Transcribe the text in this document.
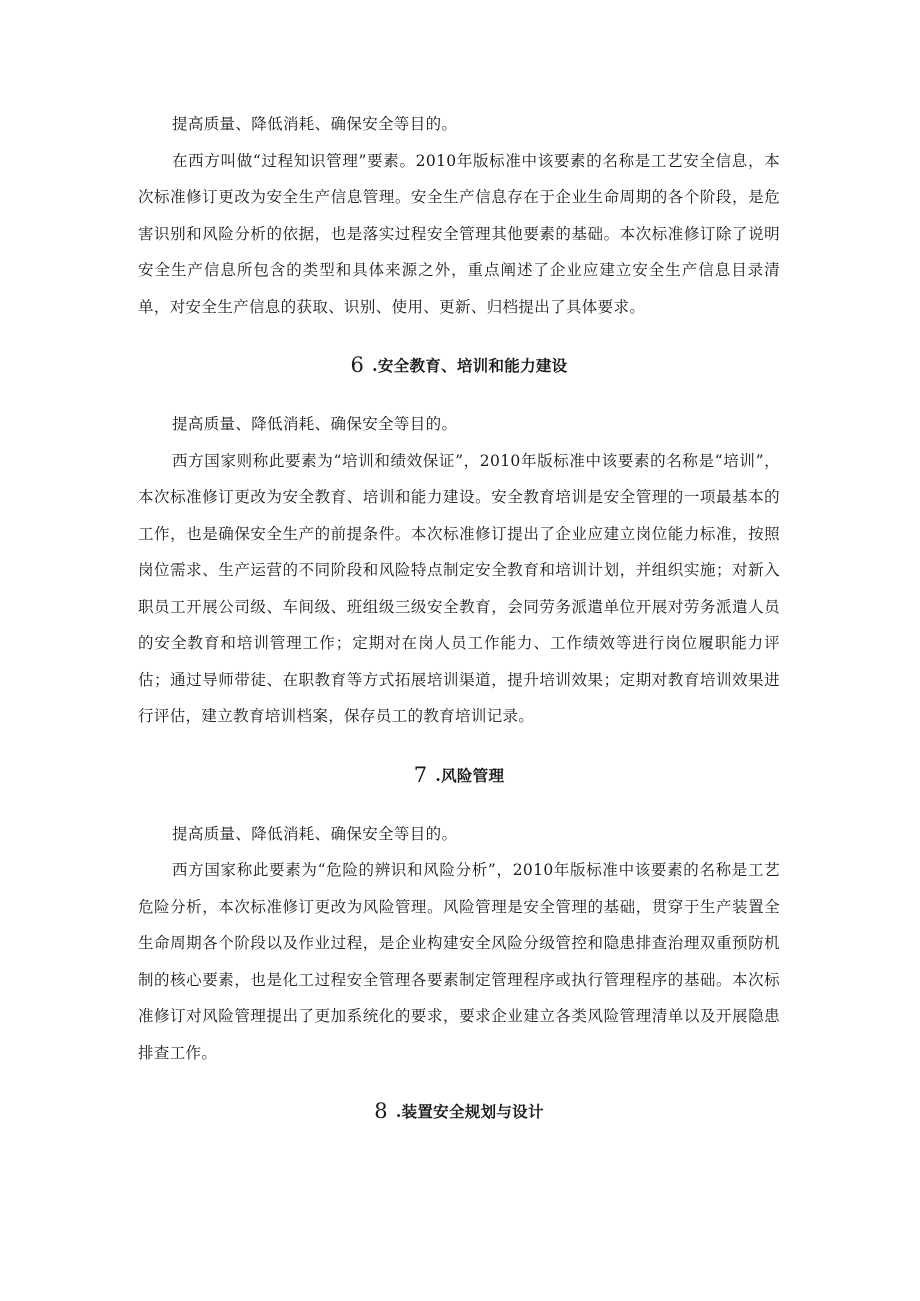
提高质量、降低消耗、确保安全等目的。

在西方叫做“过程知识管理”要素。2010年版标准中该要素的名称是工艺安全信息，本次标准修订更改为安全生产信息管理。安全生产信息存在于企业生命周期的各个阶段，是危害识别和风险分析的依据，也是落实过程安全管理其他要素的基础。本次标准修订除了说明安全生产信息所包含的类型和具体来源之外，重点阐述了企业应建立安全生产信息目录清单，对安全生产信息的获取、识别、使用、更新、归档提出了具体要求。

6 .安全教育、培训和能力建设

提高质量、降低消耗、确保安全等目的。

西方国家则称此要素为“培训和绩效保证”，2010年版标准中该要素的名称是“培训”，本次标准修订更改为安全教育、培训和能力建设。安全教育培训是安全管理的一项最基本的工作，也是确保安全生产的前提条件。本次标准修订提出了企业应建立岗位能力标准，按照岗位需求、生产运营的不同阶段和风险特点制定安全教育和培训计划，并组织实施；对新入职员工开展公司级、车间级、班组级三级安全教育，会同劳务派遣单位开展对劳务派遣人员的安全教育和培训管理工作；定期对在岗人员工作能力、工作绩效等进行岗位履职能力评估；通过导师带徒、在职教育等方式拓展培训渠道，提升培训效果；定期对教育培训效果进行评估，建立教育培训档案，保存员工的教育培训记录。

7 .风险管理

提高质量、降低消耗、确保安全等目的。

西方国家称此要素为“危险的辨识和风险分析”，2010年版标准中该要素的名称是工艺危险分析，本次标准修订更改为风险管理。风险管理是安全管理的基础，贯穿于生产装置全生命周期各个阶段以及作业过程，是企业构建安全风险分级管控和隐患排查治理双重预防机制的核心要素，也是化工过程安全管理各要素制定管理程序或执行管理程序的基础。本次标准修订对风险管理提出了更加系统化的要求，要求企业建立各类风险管理清单以及开展隐患排查工作。

8 .装置安全规划与设计
